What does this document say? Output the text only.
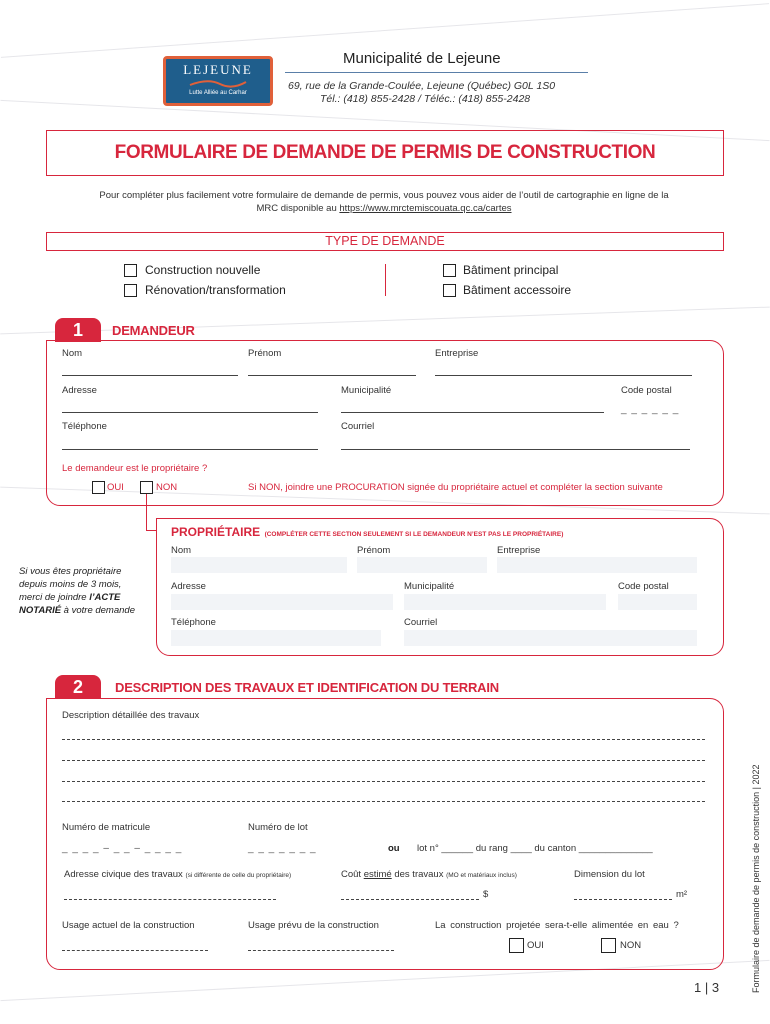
LEJEUNE
Lutte Alliée au Carhar
Municipalité de Lejeune
69, rue de la Grande-Coulée, Lejeune (Québec) G0L 1S0
Tél.: (418) 855-2428 / Téléc.: (418) 855-2428
FORMULAIRE DE DEMANDE DE PERMIS DE CONSTRUCTION
Pour compléter plus facilement votre formulaire de demande de permis, vous pouvez vous aider de l’outil de cartographie en ligne de la
MRC disponible au https://www.mrctemiscouata.qc.ca/cartes
TYPE DE DEMANDE
Construction nouvelle
Rénovation/transformation
Bâtiment principal
Bâtiment accessoire
1	DEMANDEUR
Nom	Prénom	Entreprise
Adresse	Municipalité	Code postal
_ _ _ _ _ _
Téléphone	Courriel
Le demandeur est le propriétaire ?
OUI	NON	Si NON, joindre une PROCURATION signée du propriétaire actuel et compléter la section suivante
PROPRIÉTAIRE (COMPLÉTER CETTE SECTION SEULEMENT SI LE DEMANDEUR N’EST PAS LE PROPRIÉTAIRE)
Nom	Prénom	Entreprise
Adresse	Municipalité	Code postal
Téléphone	Courriel
Si vous êtes propriétaire
depuis moins de 3 mois,
merci de joindre l’ACTE
NOTARIÉ à votre demande
2	DESCRIPTION DES TRAVAUX ET IDENTIFICATION DU TERRAIN
Description détaillée des travaux
Numéro de matricule	Numéro de lot
_ _ _ _ – _ _ – _ _ _ _	_ _ _ _ _ _ _	ou lot n° ______ du rang ____ du canton ______________
Adresse civique des travaux (si différente de celle du propriétaire)	Coût estimé des travaux (MO et matériaux inclus)	Dimension du lot
$	m²
Usage actuel de la construction	Usage prévu de la construction	La construction projetée sera-t-elle alimentée en eau ?
OUI	NON	Formulaire de demande de permis de construction | 2022
1 | 3
